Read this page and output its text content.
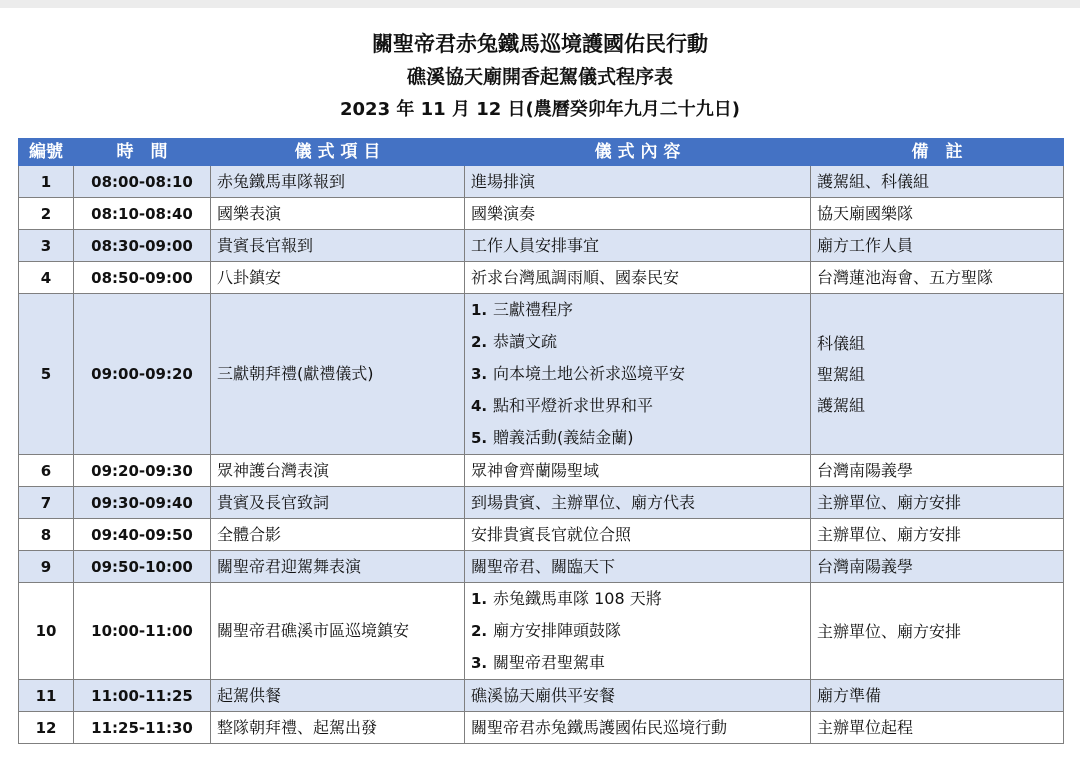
關聖帝君赤兔鐵馬巡境護國佑民行動
礁溪協天廟開香起駕儀式程序表
2023 年 11 月 12 日(農曆癸卯年九月二十九日)
編號	時　間	儀 式 項 目	儀 式 內 容	備　註
1	08:00-08:10	赤兔鐵馬車隊報到	進場排演	護駕組、科儀組

2	08:10-08:40	國樂表演	國樂演奏	協天廟國樂隊

3	08:30-09:00	貴賓長官報到	工作人員安排事宜	廟方工作人員

4	08:50-09:00	八卦鎮安	祈求台灣風調雨順、國泰民安	台灣蓮池海會、五方聖隊

5	09:00-09:20	三獻朝拜禮(獻禮儀式)	1. 三獻禮程序
2. 恭讀文疏
3. 向本境土地公祈求巡境平安
4. 點和平燈祈求世界和平
5. 贈義活動(義結金蘭)	科儀組
聖駕組
護駕組

6	09:20-09:30	眾神護台灣表演	眾神會齊蘭陽聖域	台灣南陽義學

7	09:30-09:40	貴賓及長官致詞	到場貴賓、主辦單位、廟方代表	主辦單位、廟方安排

8	09:40-09:50	全體合影	安排貴賓長官就位合照	主辦單位、廟方安排

9	09:50-10:00	關聖帝君迎駕舞表演	關聖帝君、關臨天下	台灣南陽義學

10	10:00-11:00	關聖帝君礁溪市區巡境鎮安	1. 赤兔鐵馬車隊 108 天將
2. 廟方安排陣頭鼓隊
3. 關聖帝君聖駕車	主辦單位、廟方安排

11	11:00-11:25	起駕供餐	礁溪協天廟供平安餐	廟方準備

12	11:25-11:30	整隊朝拜禮、起駕出發	關聖帝君赤兔鐵馬護國佑民巡境行動	主辦單位起程
